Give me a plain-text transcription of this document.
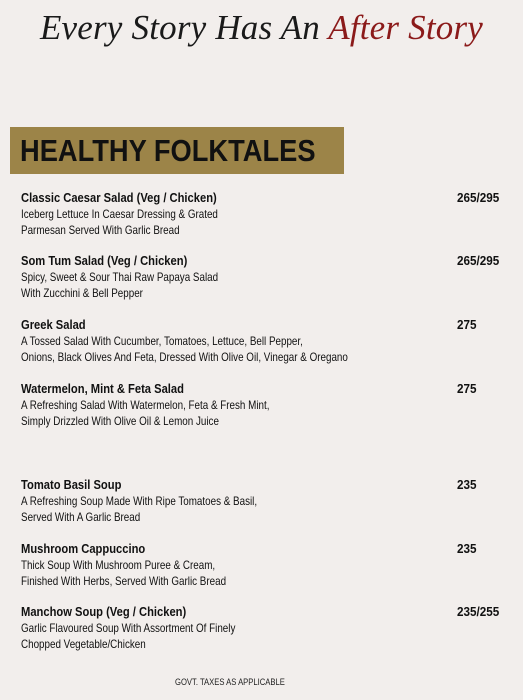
Every Story Has An After Story
HEALTHY FOLKTALES
Classic Caesar Salad (Veg / Chicken)
Iceberg Lettuce In Caesar Dressing & Grated
Parmesan Served With Garlic Bread
265/295
Som Tum Salad (Veg / Chicken)
Spicy, Sweet & Sour Thai Raw Papaya Salad
With Zucchini & Bell Pepper
265/295
Greek Salad
A Tossed Salad With Cucumber, Tomatoes, Lettuce, Bell Pepper,
Onions, Black Olives And Feta, Dressed With Olive Oil, Vinegar & Oregano
275
Watermelon, Mint & Feta Salad
A Refreshing Salad With Watermelon, Feta & Fresh Mint,
Simply Drizzled With Olive Oil & Lemon Juice
275
Tomato Basil Soup
A Refreshing Soup Made With Ripe Tomatoes & Basil,
Served With A Garlic Bread
235
Mushroom Cappuccino
Thick Soup With Mushroom Puree & Cream,
Finished With Herbs, Served With Garlic Bread
235
Manchow Soup (Veg / Chicken)
Garlic Flavoured Soup With Assortment Of Finely
Chopped Vegetable/Chicken
235/255
GOVT. TAXES AS APPLICABLE
